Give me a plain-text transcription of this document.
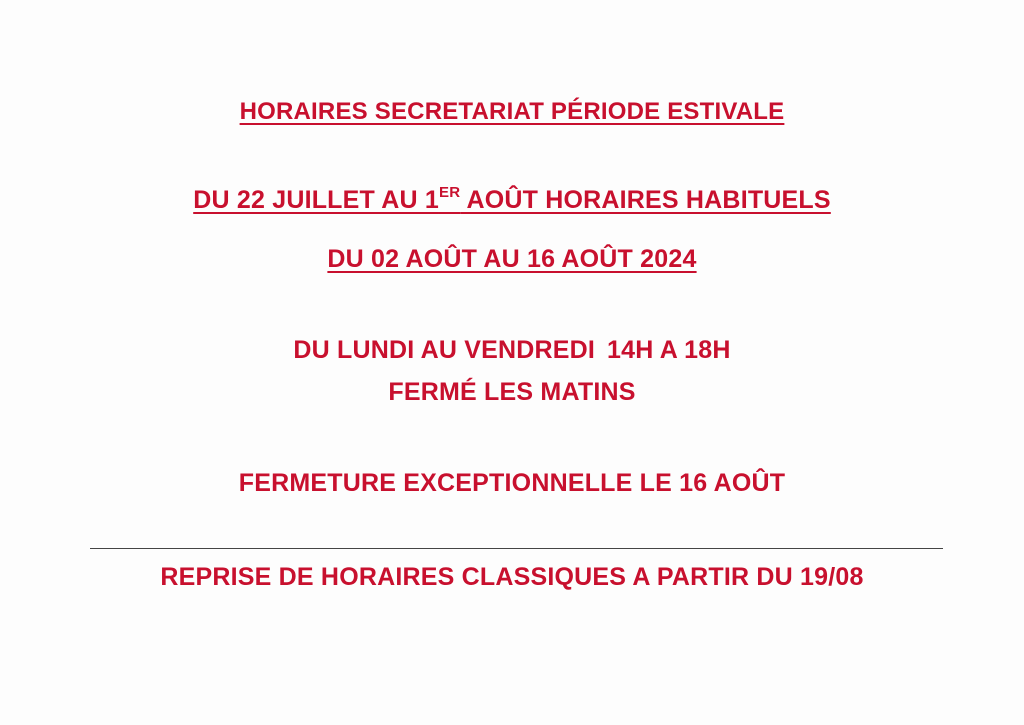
HORAIRES SECRETARIAT PÉRIODE ESTIVALE
DU 22 JUILLET AU 1ER AOÛT HORAIRES HABITUELS
DU 02 AOÛT AU 16 AOÛT 2024
DU LUNDI AU VENDREDI 14H A 18H
FERMÉ LES MATINS
FERMETURE EXCEPTIONNELLE LE 16 AOÛT
REPRISE DE HORAIRES CLASSIQUES A PARTIR DU 19/08
